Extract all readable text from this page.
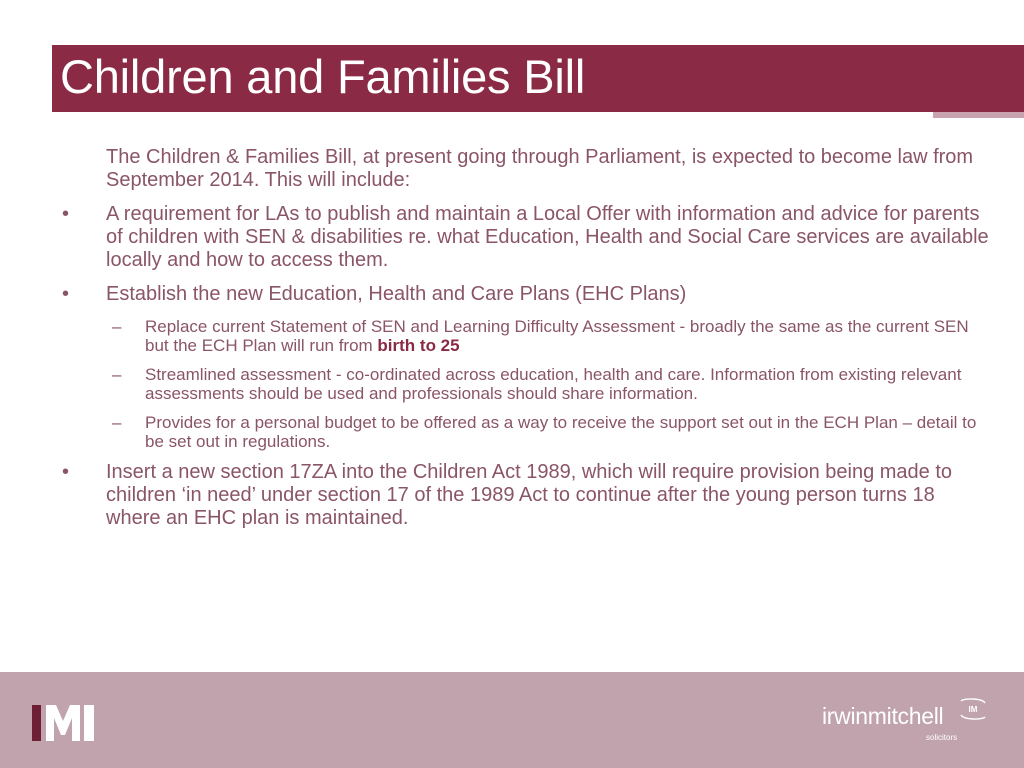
Children and Families Bill

The Children & Families Bill, at present going through Parliament, is expected to become law from September 2014. This will include:

• A requirement for LAs to publish and maintain a Local Offer with information and advice for parents of children with SEN & disabilities re. what Education, Health and Social Care services are available locally and how to access them.
• Establish the new Education, Health and Care Plans (EHC Plans)
– Replace current Statement of SEN and Learning Difficulty Assessment - broadly the same as the current SEN but the ECH Plan will run from birth to 25
– Streamlined assessment - co-ordinated across education, health and care. Information from existing relevant assessments should be used and professionals should share information.
– Provides for a personal budget to be offered as a way to receive the support set out in the ECH Plan – detail to be set out in regulations.
• Insert a new section 17ZA into the Children Act 1989, which will require provision being made to children ‘in need’ under section 17 of the 1989 Act to continue after the young person turns 18 where an EHC plan is maintained.
irwinmitchell	IM
solicitors
